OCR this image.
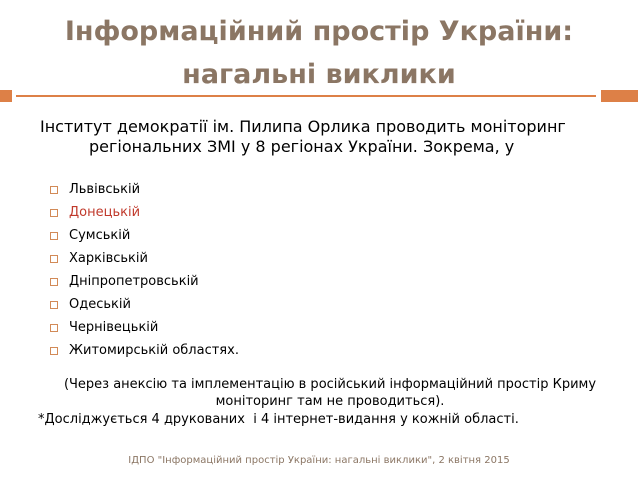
Інформаційний простір України:
нагальні виклики
Інститут демократії ім. Пилипа Орлика проводить моніторинг
регіональних ЗМІ у 8 регіонах України. Зокрема, у
Львівській
Донецькій
Сумській
Харківській
Дніпропетровській
Одеській
Чернівецькій
Житомирській областях.
(Через анексію та імплементацію в російський інформаційний простір Криму
моніторинг там не проводиться).
*Досліджується 4 друкованих  і 4 інтернет-видання у кожній області.
ІДПО "Інформаційний простір України: нагальні виклики", 2 квітня 2015
